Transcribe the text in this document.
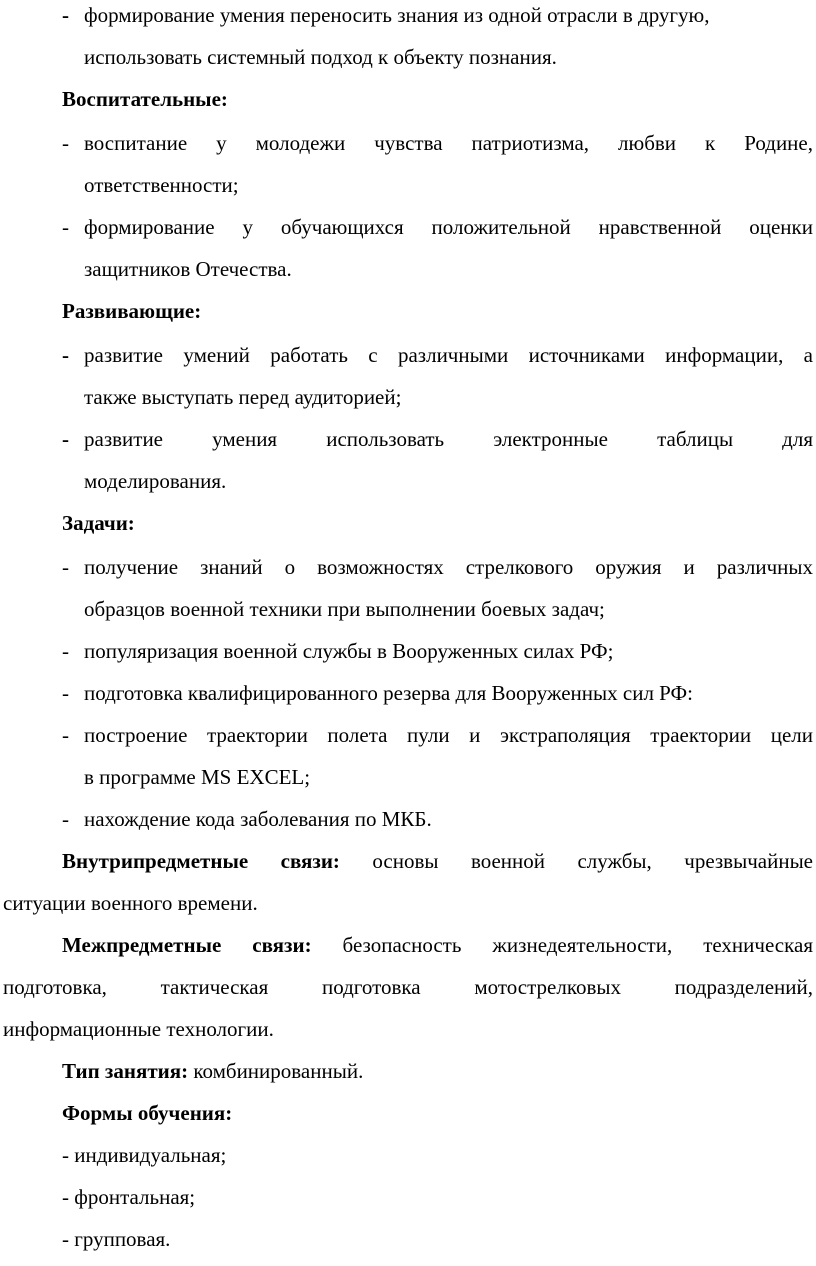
- формирование умения переносить знания из одной отрасли в другую,
использовать системный подход к объекту познания.
Воспитательные:
- воспитание у молодежи чувства патриотизма, любви к Родине,
ответственности;
- формирование у обучающихся положительной нравственной оценки
защитников Отечества.
Развивающие:
- развитие умений работать с различными источниками информации, а
также выступать перед аудиторией;
- развитие умения использовать электронные таблицы для
моделирования.
Задачи:
- получение знаний о возможностях стрелкового оружия и различных
образцов военной техники при выполнении боевых задач;
- популяризация военной службы в Вооруженных силах РФ;
- подготовка квалифицированного резерва для Вооруженных сил РФ:
- построение траектории полета пули и экстраполяция траектории цели
в программе MS EXCEL;
- нахождение кода заболевания по МКБ.
Внутрипредметные связи: основы военной службы, чрезвычайные
ситуации военного времени.
Межпредметные связи: безопасность жизнедеятельности, техническая
подготовка, тактическая подготовка мотострелковых подразделений,
информационные технологии.
Тип занятия: комбинированный.
Формы обучения:
- индивидуальная;
- фронтальная;
- групповая.
